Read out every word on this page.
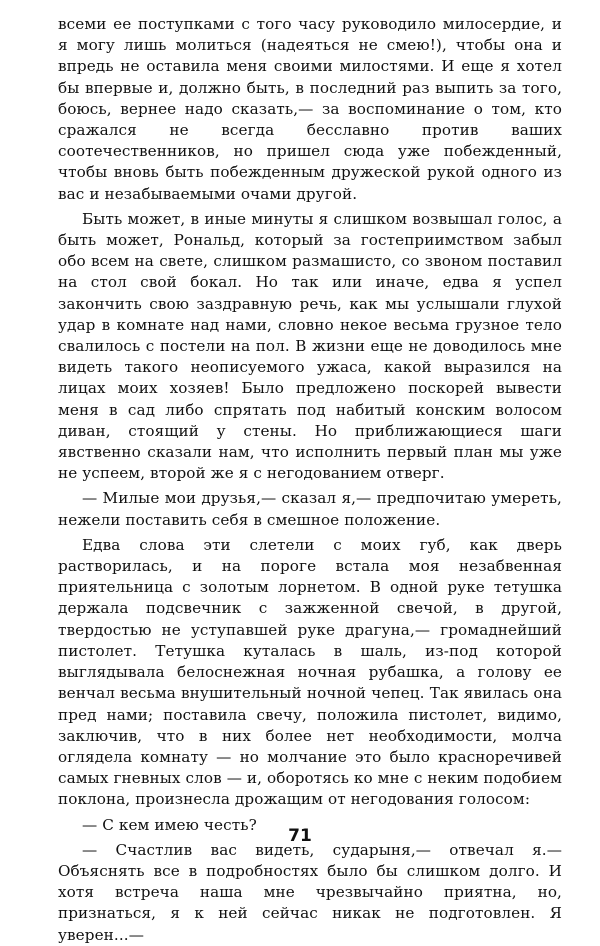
всеми ее поступками с того часу руководило милосердие, и я могу лишь молиться (надеяться не смею!), чтобы она и впредь не оставила меня своими милостями. И еще я хотел бы впервые и, должно быть, в последний раз выпить за того, боюсь, вернее надо сказать,— за воспоминание о том, кто сражался не всегда бесславно против ваших соотечественников, но пришел сюда уже побежденный, чтобы вновь быть побежденным дружеской рукой одного из вас и незабываемыми очами другой.

Быть может, в иные минуты я слишком возвышал голос, а быть может, Рональд, который за гостеприимством забыл обо всем на свете, слишком размашисто, со звоном поставил на стол свой бокал. Но так или иначе, едва я успел закончить свою заздравную речь, как мы услышали глухой удар в комнате над нами, словно некое весьма грузное тело свалилось с постели на пол. В жизни еще не доводилось мне видеть такого неописуемого ужаса, какой выразился на лицах моих хозяев! Было предложено поскорей вывести меня в сад либо спрятать под набитый конским волосом диван, стоящий у стены. Но приближающиеся шаги явственно сказали нам, что исполнить первый план мы уже не успеем, второй же я с негодованием отверг.

— Милые мои друзья,— сказал я,— предпочитаю умереть, нежели поставить себя в смешное положение.

Едва слова эти слетели с моих губ, как дверь растворилась, и на пороге встала моя незабвенная приятельница с золотым лорнетом. В одной руке тетушка держала подсвечник с зажженной свечой, в другой, твердостью не уступавшей руке драгуна,— громаднейший пистолет. Тетушка куталась в шаль, из-под которой выглядывала белоснежная ночная рубашка, а голову ее венчал весьма внушительный ночной чепец. Так явилась она пред нами; поставила свечу, положила пистолет, видимо, заключив, что в них более нет необходимости, молча оглядела комнату — но молчание это было красноречивей самых гневных слов — и, оборотясь ко мне с неким подобием поклона, произнесла дрожащим от негодования голосом:

— С кем имею честь?

— Счастлив вас видеть, сударыня,— отвечал я.— Объяснять все в подробностях было бы слишком долго. И хотя встреча наша мне чрезвычайно приятна, но, признаться, я к ней сейчас никак не подготовлен. Я уверен...—

71
